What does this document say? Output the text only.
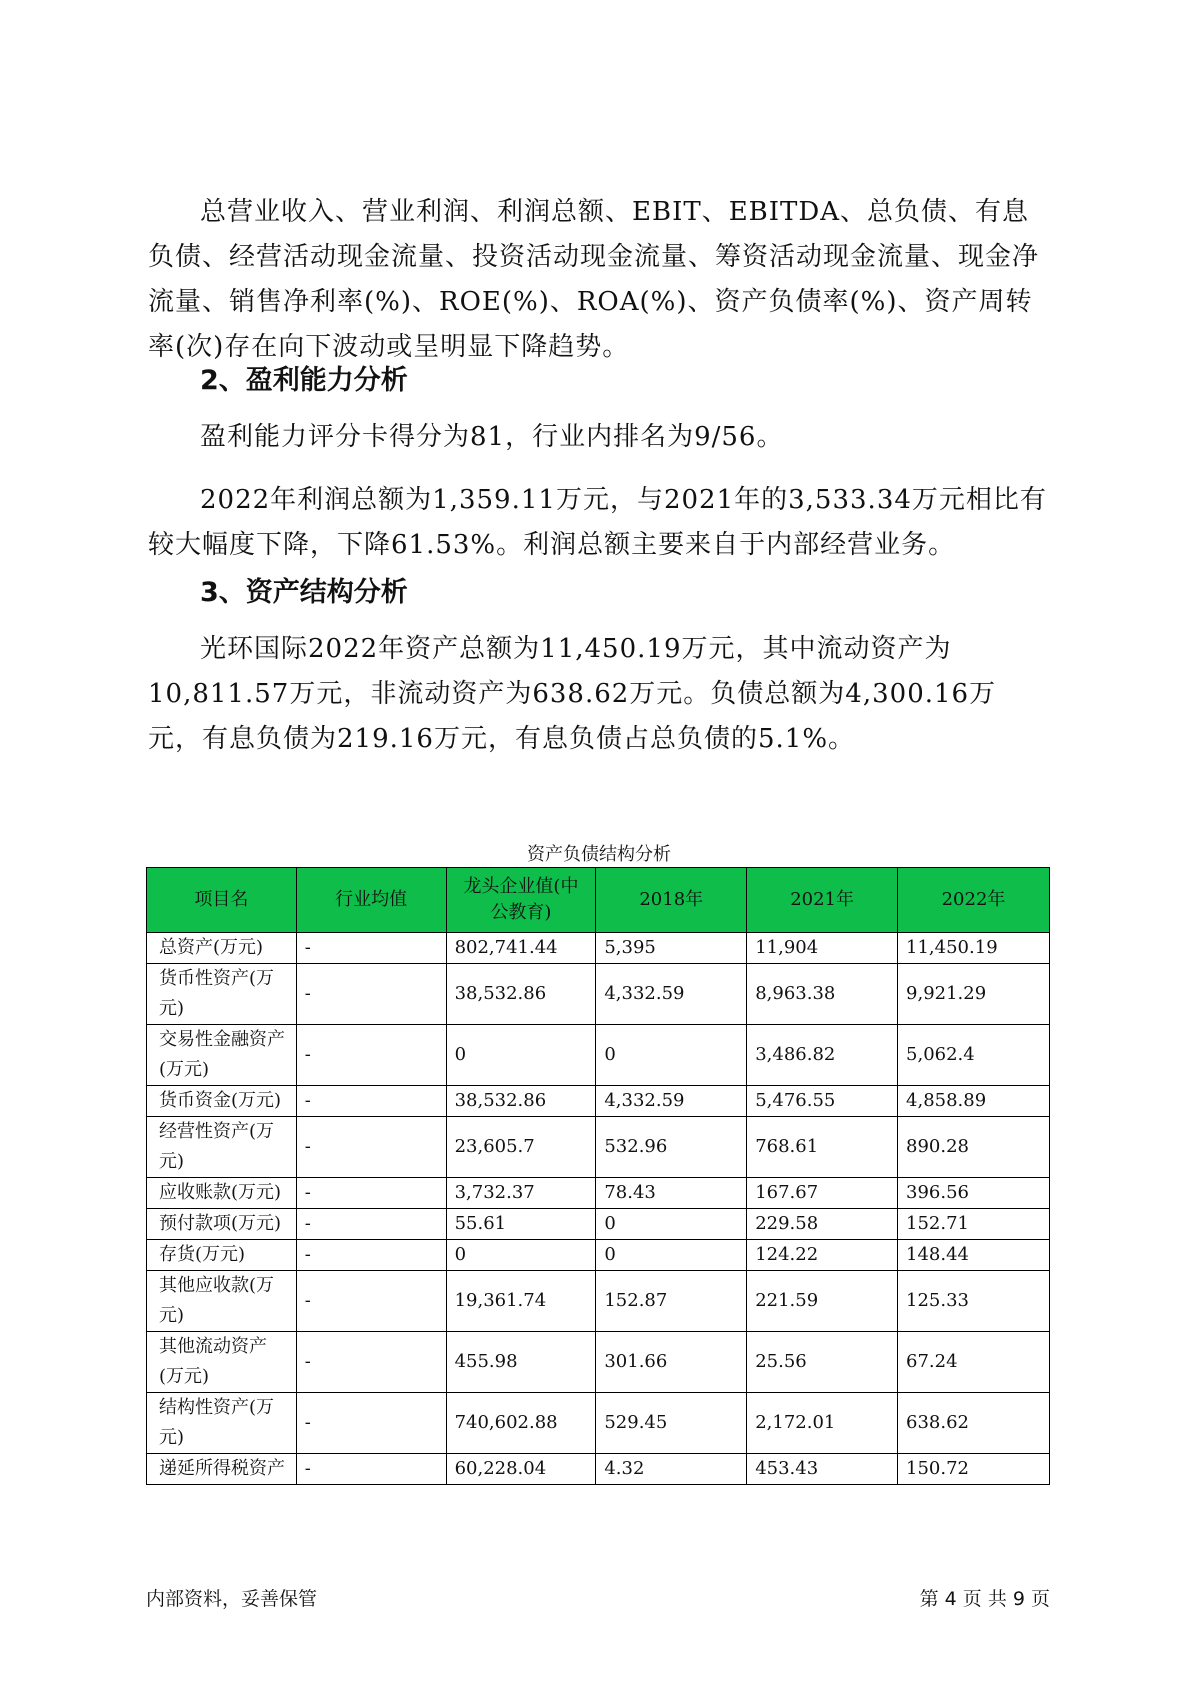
总营业收入、营业利润、利润总额、EBIT、EBITDA、总负债、有息负债、经营活动现金流量、投资活动现金流量、筹资活动现金流量、现金净流量、销售净利率(%)、ROE(%)、ROA(%)、资产负债率(%)、资产周转率(次)存在向下波动或呈明显下降趋势。

2、盈利能力分析

盈利能力评分卡得分为81，行业内排名为9/56。

2022年利润总额为1,359.11万元，与2021年的3,533.34万元相比有较大幅度下降，下降61.53%。利润总额主要来自于内部经营业务。

3、资产结构分析

光环国际2022年资产总额为11,450.19万元，其中流动资产为10,811.57万元，非流动资产为638.62万元。负债总额为4,300.16万元，有息负债为219.16万元，有息负债占总负债的5.1%。

资产负债结构分析
项目名	行业均值	龙头企业值(中公教育)	2018年	2021年	2022年
总资产(万元)	-	802,741.44	5,395	11,904	11,450.19
货币性资产(万元)	-	38,532.86	4,332.59	8,963.38	9,921.29
交易性金融资产(万元)	-	0	0	3,486.82	5,062.4
货币资金(万元)	-	38,532.86	4,332.59	5,476.55	4,858.89
经营性资产(万元)	-	23,605.7	532.96	768.61	890.28
应收账款(万元)	-	3,732.37	78.43	167.67	396.56
预付款项(万元)	-	55.61	0	229.58	152.71
存货(万元)	-	0	0	124.22	148.44
其他应收款(万元)	-	19,361.74	152.87	221.59	125.33
其他流动资产(万元)	-	455.98	301.66	25.56	67.24
结构性资产(万元)	-	740,602.88	529.45	2,172.01	638.62
递延所得税资产	-	60,228.04	4.32	453.43	150.72
内部资料，妥善保管	第 4 页 共 9 页
